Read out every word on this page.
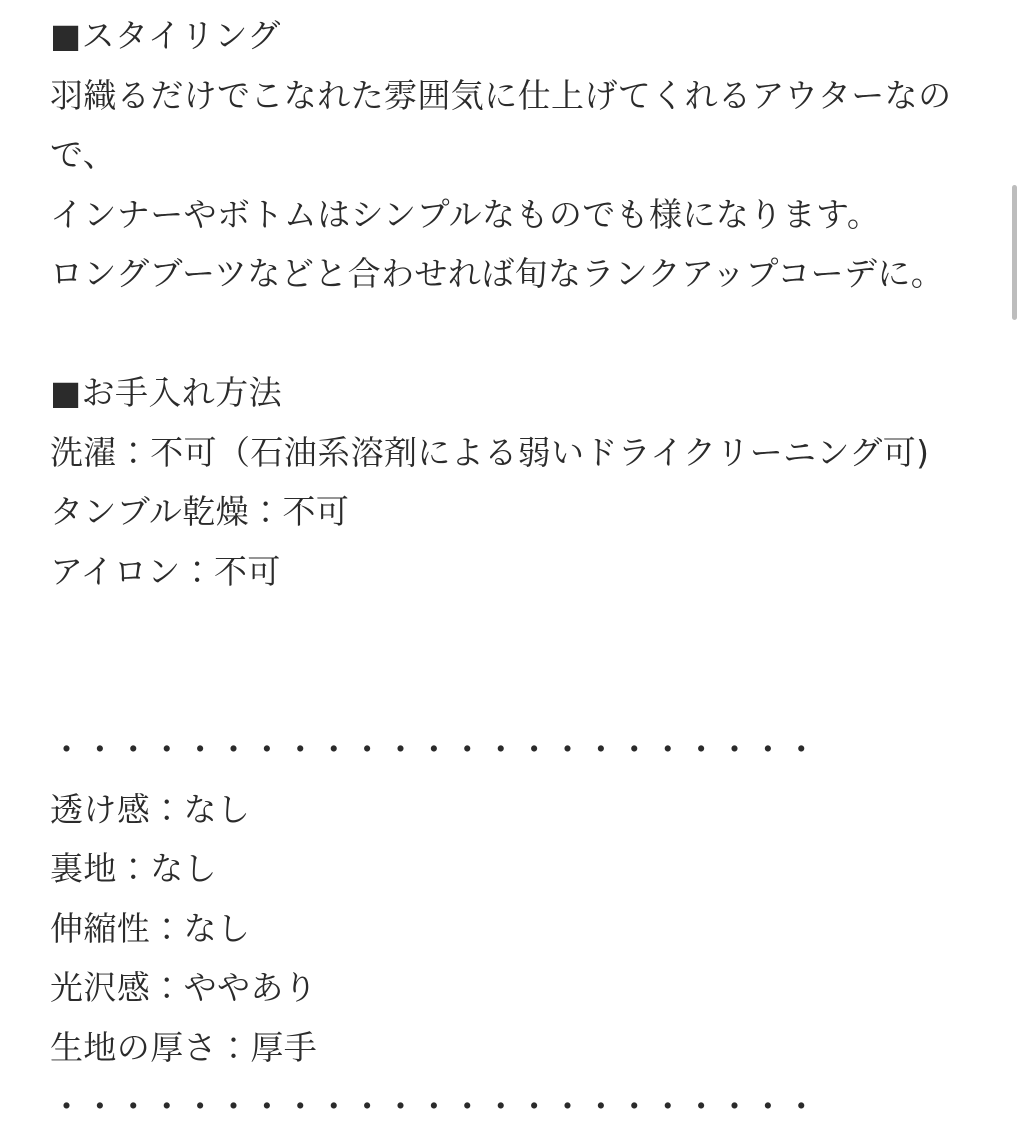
■スタイリング
羽織るだけでこなれた雰囲気に仕上げてくれるアウターなの
で、
インナーやボトムはシンプルなものでも様になります。
ロングブーツなどと合わせれば旬なランクアップコーデに。

■お手入れ方法
洗濯：不可（石油系溶剤による弱いドライクリーニング可)
タンブル乾燥：不可
アイロン：不可

・・・・・・・・・・・・・・・・・・・・・・・
透け感：なし
裏地：なし
伸縮性：なし
光沢感：ややあり
生地の厚さ：厚手
・・・・・・・・・・・・・・・・・・・・・・・
